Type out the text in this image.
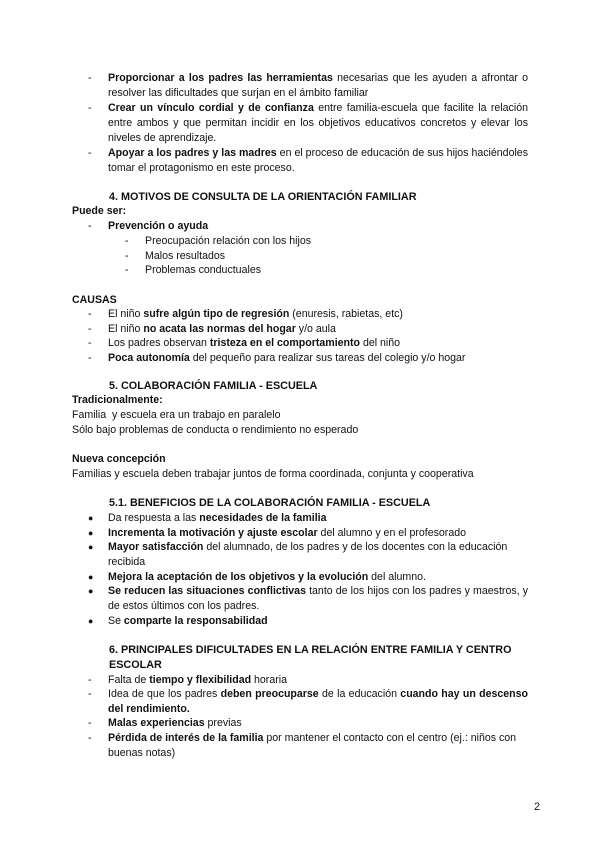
- Proporcionar a los padres las herramientas necesarias que les ayuden a afrontar o resolver las dificultades que surjan en el ámbito familiar
- Crear un vínculo cordial y de confianza entre familia-escuela que facilite la relación entre ambos y que permitan incidir en los objetivos educativos concretos y elevar los niveles de aprendizaje.
- Apoyar a los padres y las madres en el proceso de educación de sus hijos haciéndoles tomar el protagonismo en este proceso.
4. MOTIVOS DE CONSULTA DE LA ORIENTACIÓN FAMILIAR
Puede ser:
- Prevención o ayuda
- Preocupación relación con los hijos
- Malos resultados
- Problemas conductuales
CAUSAS
- El niño sufre algún tipo de regresión (enuresis, rabietas, etc)
- El niño no acata las normas del hogar y/o aula
- Los padres observan tristeza en el comportamiento del niño
- Poca autonomía del pequeño para realizar sus tareas del colegio y/o hogar
5. COLABORACIÓN FAMILIA - ESCUELA
Tradicionalmente:
Familia  y escuela era un trabajo en paralelo
Sólo bajo problemas de conducta o rendimiento no esperado
Nueva concepción
Familias y escuela deben trabajar juntos de forma coordinada, conjunta y cooperativa
5.1. BENEFICIOS DE LA COLABORACIÓN FAMILIA - ESCUELA
● Da respuesta a las necesidades de la familia
● Incrementa la motivación y ajuste escolar del alumno y en el profesorado
● Mayor satisfacción del alumnado, de los padres y de los docentes con la educación recibida
● Mejora la aceptación de los objetivos y la evolución del alumno.
● Se reducen las situaciones conflictivas tanto de los hijos con los padres y maestros, y de estos últimos con los padres.
● Se comparte la responsabilidad
6. PRINCIPALES DIFICULTADES EN LA RELACIÓN ENTRE FAMILIA Y CENTRO ESCOLAR
- Falta de tiempo y flexibilidad horaria
- Idea de que los padres deben preocuparse de la educación cuando hay un descenso del rendimiento.
- Malas experiencias previas
- Pérdida de interés de la familia por mantener el contacto con el centro (ej.: niños con buenas notas)
2
